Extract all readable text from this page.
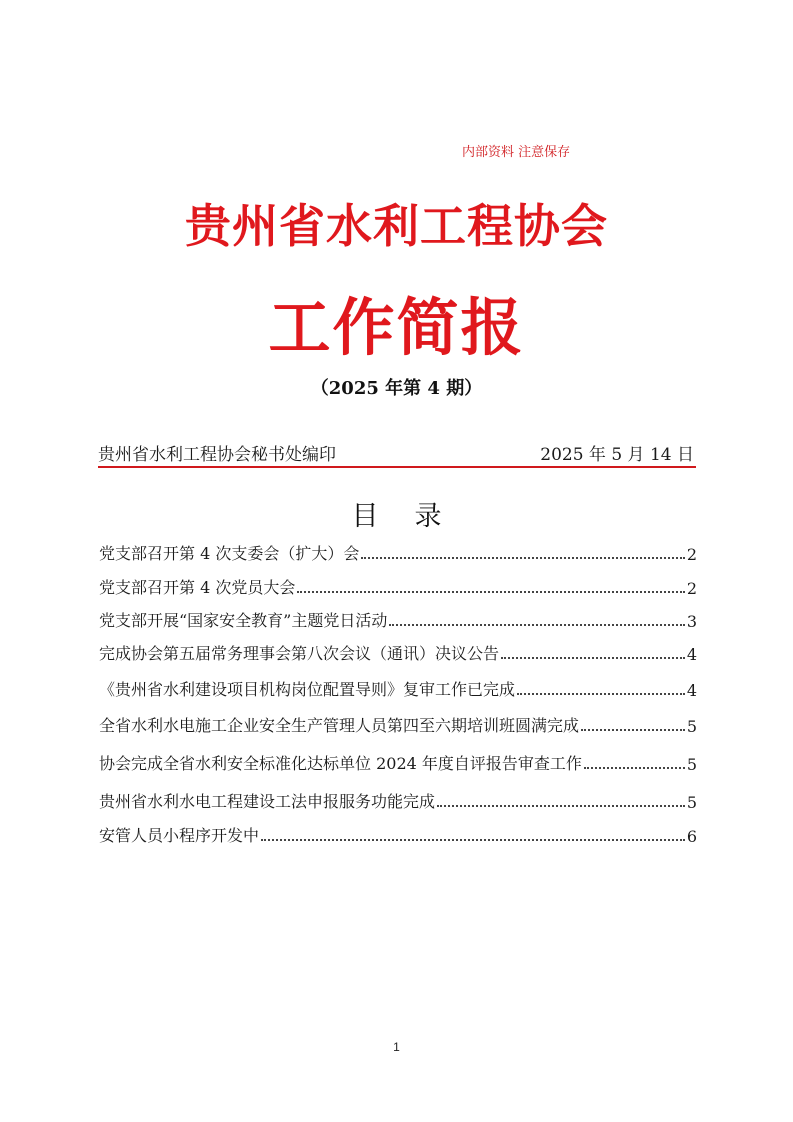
内部资料 注意保存
贵州省水利工程协会
工作简报
（2025 年第 4 期）
贵州省水利工程协会秘书处编印	2025 年 5 月 14 日
目录
党支部召开第 4 次支委会（扩大）会	2
党支部召开第 4 次党员大会	2
党支部开展“国家安全教育”主题党日活动	3
完成协会第五届常务理事会第八次会议（通讯）决议公告	4
《贵州省水利建设项目机构岗位配置导则》复审工作已完成	4
全省水利水电施工企业安全生产管理人员第四至六期培训班圆满完成	5
协会完成全省水利安全标准化达标单位 2024 年度自评报告审查工作	5
贵州省水利水电工程建设工法申报服务功能完成	5
安管人员小程序开发中	6
1
